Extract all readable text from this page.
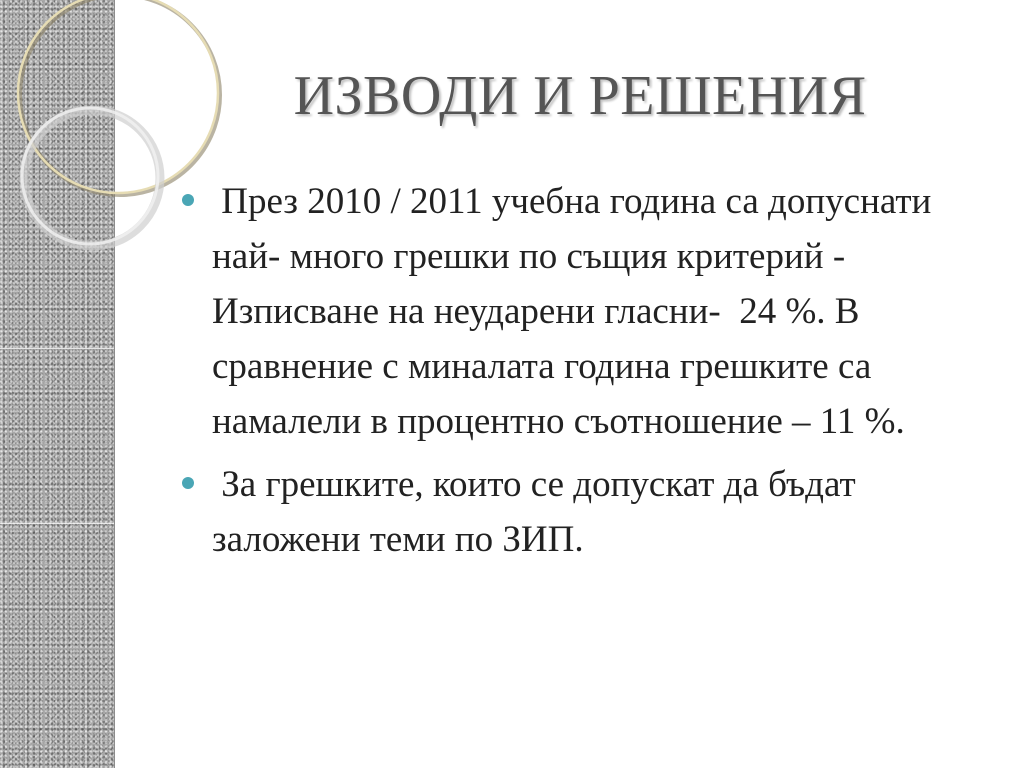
ИЗВОДИ И РЕШЕНИЯ
През 2010 / 2011 учебна година са допуснати най- много грешки по същия критерий - Изписване на неударени гласни-  24 %. В сравнение с миналата година грешките са намалели в процентно съотношение – 11 %.
За грешките, които се допускат да бъдат заложени теми по ЗИП.
